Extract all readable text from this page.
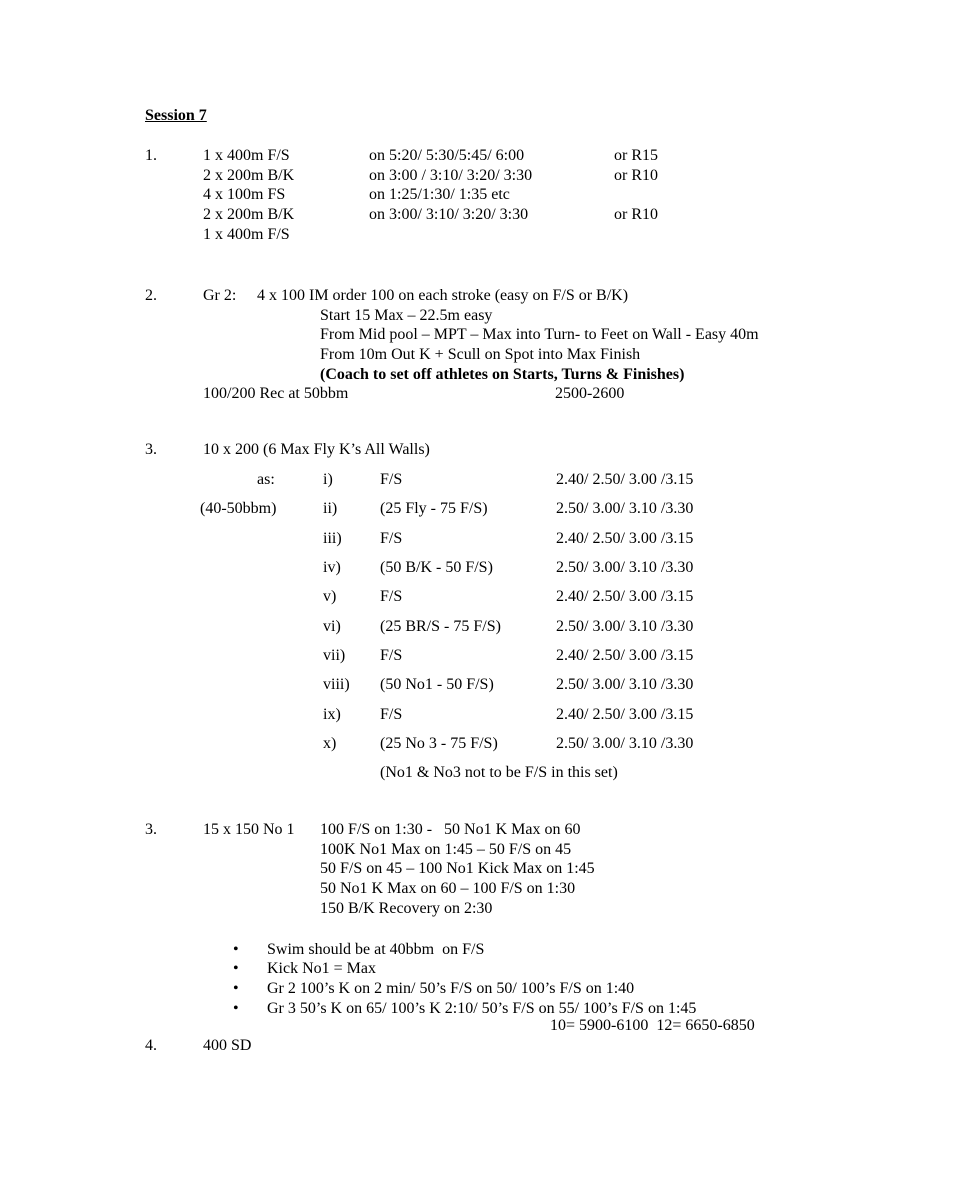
Session 7
1.	1 x 400m F/S	on 5:20/ 5:30/5:45/ 6:00	or R15
2 x 200m B/K	on 3:00 / 3:10/ 3:20/ 3:30	or R10
4 x 100m FS	on 1:25/1:30/ 1:35 etc
2 x 200m B/K	on 3:00/ 3:10/ 3:20/ 3:30	or R10
1 x 400m F/S
2.	Gr 2: 4 x 100 IM order 100 on each stroke (easy on F/S or B/K)
Start 15 Max – 22.5m easy
From Mid pool – MPT – Max into Turn- to Feet on Wall - Easy 40m
From 10m Out K + Scull on Spot into Max Finish
(Coach to set off athletes on Starts, Turns & Finishes)
100/200 Rec at 50bbm	2500-2600
3.	10 x 200 (6 Max Fly K’s All Walls)
as:	i)	F/S	2.40/ 2.50/ 3.00 /3.15
(40-50bbm)	ii)	(25 Fly - 75 F/S)	2.50/ 3.00/ 3.10 /3.30
iii) F/S	2.40/ 2.50/ 3.00 /3.15
iv) (50 B/K - 50 F/S)	2.50/ 3.00/ 3.10 /3.30
v)	F/S	2.40/ 2.50/ 3.00 /3.15
vi) (25 BR/S - 75 F/S)	2.50/ 3.00/ 3.10 /3.30
vii) F/S	2.40/ 2.50/ 3.00 /3.15
viii) (50 No1 - 50 F/S)	2.50/ 3.00/ 3.10 /3.30
ix) F/S	2.40/ 2.50/ 3.00 /3.15
x)	(25 No 3 - 75 F/S)	2.50/ 3.00/ 3.10 /3.30
(No1 & No3 not to be F/S in this set)
3.	15 x 150 No 1 100 F/S on 1:30 -   50 No1 K Max on 60
100K No1 Max on 1:45 – 50 F/S on 45
50 F/S on 45 – 100 No1 Kick Max on 1:45
50 No1 K Max on 60 – 100 F/S on 1:30
150 B/K Recovery on 2:30
• Swim should be at 40bbm  on F/S
• Kick No1 = Max
• Gr 2 100’s K on 2 min/ 50’s F/S on 50/ 100’s F/S on 1:40
• Gr 3 50’s K on 65/ 100’s K 2:10/ 50’s F/S on 55/ 100’s F/S on 1:45
10= 5900-6100  12= 6650-6850
4.	400 SD
